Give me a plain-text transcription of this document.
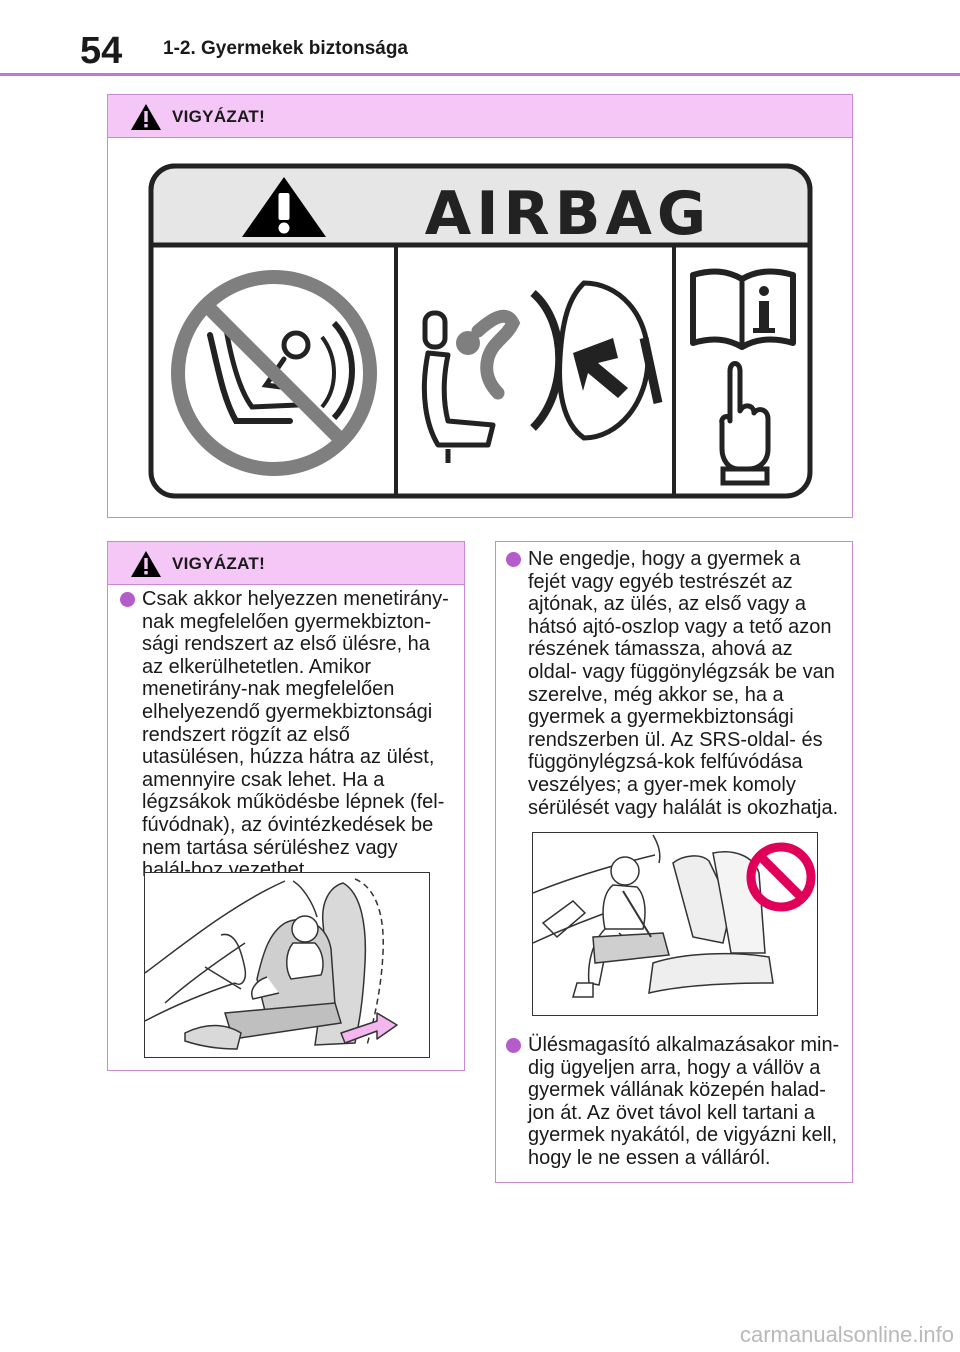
54 1-2. Gyermekek biztonsága
VIGYÁZAT!
AIRBAG
VIGYÁZAT!
Csak akkor helyezzen menetirány-nak megfelelően gyermekbizton-sági rendszert az első ülésre, ha az elkerülhetetlen. Amikor menetirány-nak megfelelően elhelyezendő gyermekbiztonsági rendszert rögzít az első utasülésen, húzza hátra az ülést, amennyire csak lehet. Ha a légzsákok működésbe lépnek (fel-fúvódnak), az óvintézkedések be nem tartása sérüléshez vagy halál-hoz vezethet.
Ne engedje, hogy a gyermek a fejét vagy egyéb testrészét az ajtónak, az ülés, az első vagy a hátsó ajtó-oszlop vagy a tető azon részének támassza, ahová az oldal- vagy függönylégzsák be van szerelve, még akkor se, ha a gyermek a gyermekbiztonsági rendszerben ül. Az SRS-oldal- és függönylégzsá-kok felfúvódása veszélyes; a gyer-mek komoly sérülését vagy halálát is okozhatja.
Ülésmagasító alkalmazásakor min-dig ügyeljen arra, hogy a vállöv a gyermek vállának közepén halad-jon át. Az övet távol kell tartani a gyermek nyakától, de vigyázni kell, hogy le ne essen a válláról.
carmanualsonline.info
